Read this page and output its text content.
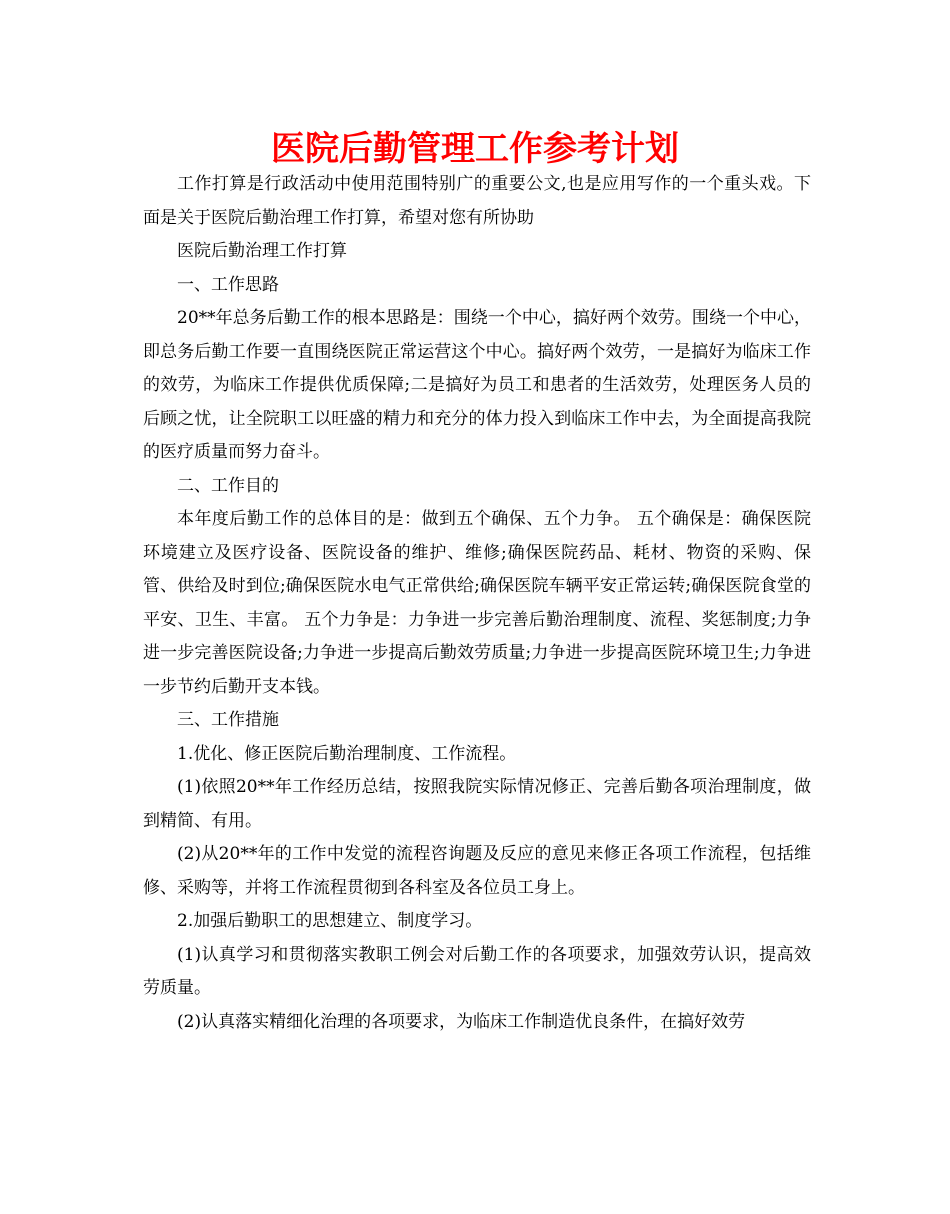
医院后勤管理工作参考计划

工作打算是行政活动中使用范围特别广的重要公文,也是应用写作的一个重头戏。下面是关于医院后勤治理工作打算，希望对您有所协助

医院后勤治理工作打算

一、工作思路

20**年总务后勤工作的根本思路是：围绕一个中心，搞好两个效劳。围绕一个中心，即总务后勤工作要一直围绕医院正常运营这个中心。搞好两个效劳，一是搞好为临床工作的效劳，为临床工作提供优质保障;二是搞好为员工和患者的生活效劳，处理医务人员的后顾之忧，让全院职工以旺盛的精力和充分的体力投入到临床工作中去，为全面提高我院的医疗质量而努力奋斗。

二、工作目的

本年度后勤工作的总体目的是：做到五个确保、五个力争。 五个确保是：确保医院环境建立及医疗设备、医院设备的维护、维修;确保医院药品、耗材、物资的采购、保管、供给及时到位;确保医院水电气正常供给;确保医院车辆平安正常运转;确保医院食堂的平安、卫生、丰富。 五个力争是：力争进一步完善后勤治理制度、流程、奖惩制度;力争进一步完善医院设备;力争进一步提高后勤效劳质量;力争进一步提高医院环境卫生;力争进一步节约后勤开支本钱。

三、工作措施

1.优化、修正医院后勤治理制度、工作流程。

(1)依照20**年工作经历总结，按照我院实际情况修正、完善后勤各项治理制度，做到精简、有用。

(2)从20**年的工作中发觉的流程咨询题及反应的意见来修正各项工作流程，包括维修、采购等，并将工作流程贯彻到各科室及各位员工身上。

2.加强后勤职工的思想建立、制度学习。

(1)认真学习和贯彻落实教职工例会对后勤工作的各项要求，加强效劳认识，提高效劳质量。

(2)认真落实精细化治理的各项要求，为临床工作制造优良条件，在搞好效劳
